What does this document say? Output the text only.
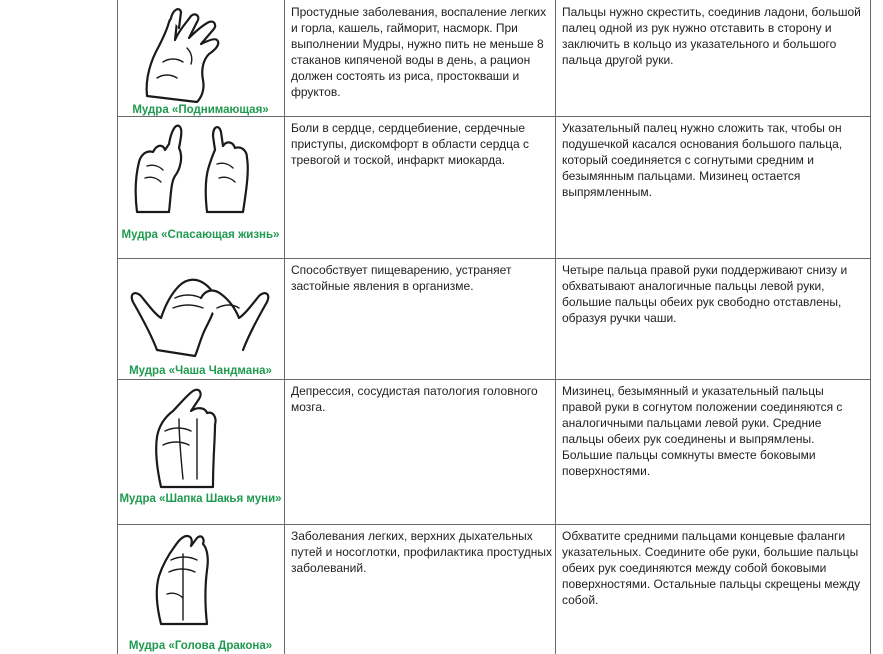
Мудра «Поднимающая»
Простудные заболевания, воспаление легких и горла, кашель, гайморит, насморк. При выполнении Мудры, нужно пить не меньше 8 стаканов кипяченой воды в день, а рацион должен состоять из риса, простокваши и фруктов.
Пальцы нужно скрестить, соединив ладони, большой палец одной из рук нужно отставить в сторону и заключить в кольцо из указательного и большого пальца другой руки.
Мудра «Спасающая жизнь»
Боли в сердце, сердцебиение, сердечные приступы, дискомфорт в области сердца с тревогой и тоской, инфаркт миокарда.
Указательный палец нужно сложить так, чтобы он подушечкой касался основания большого пальца, который соединяется с согнутыми средним и безымянным пальцами. Мизинец остается выпрямленным.
Мудра «Чаша Чандмана»
Способствует пищеварению, устраняет застойные явления в организме.
Четыре пальца правой руки поддерживают снизу и обхватывают аналогичные пальцы левой руки, большие пальцы обеих рук свободно отставлены, образуя ручки чаши.
Мудра «Шапка Шакья муни»
Депрессия, сосудистая патология головного мозга.
Мизинец, безымянный и указательный пальцы правой руки в согнутом положении соединяются с аналогичными пальцами левой руки. Средние пальцы обеих рук соединены и выпрямлены. Большие пальцы сомкнуты вместе боковыми поверхностями.
Мудра «Голова Дракона»
Заболевания легких, верхних дыхательных путей и носоглотки, профилактика простудных заболеваний.
Обхватите средними пальцами концевые фаланги указательных. Соедините обе руки, большие пальцы обеих рук соединяются между собой боковыми поверхностями. Остальные пальцы скрещены между собой.
